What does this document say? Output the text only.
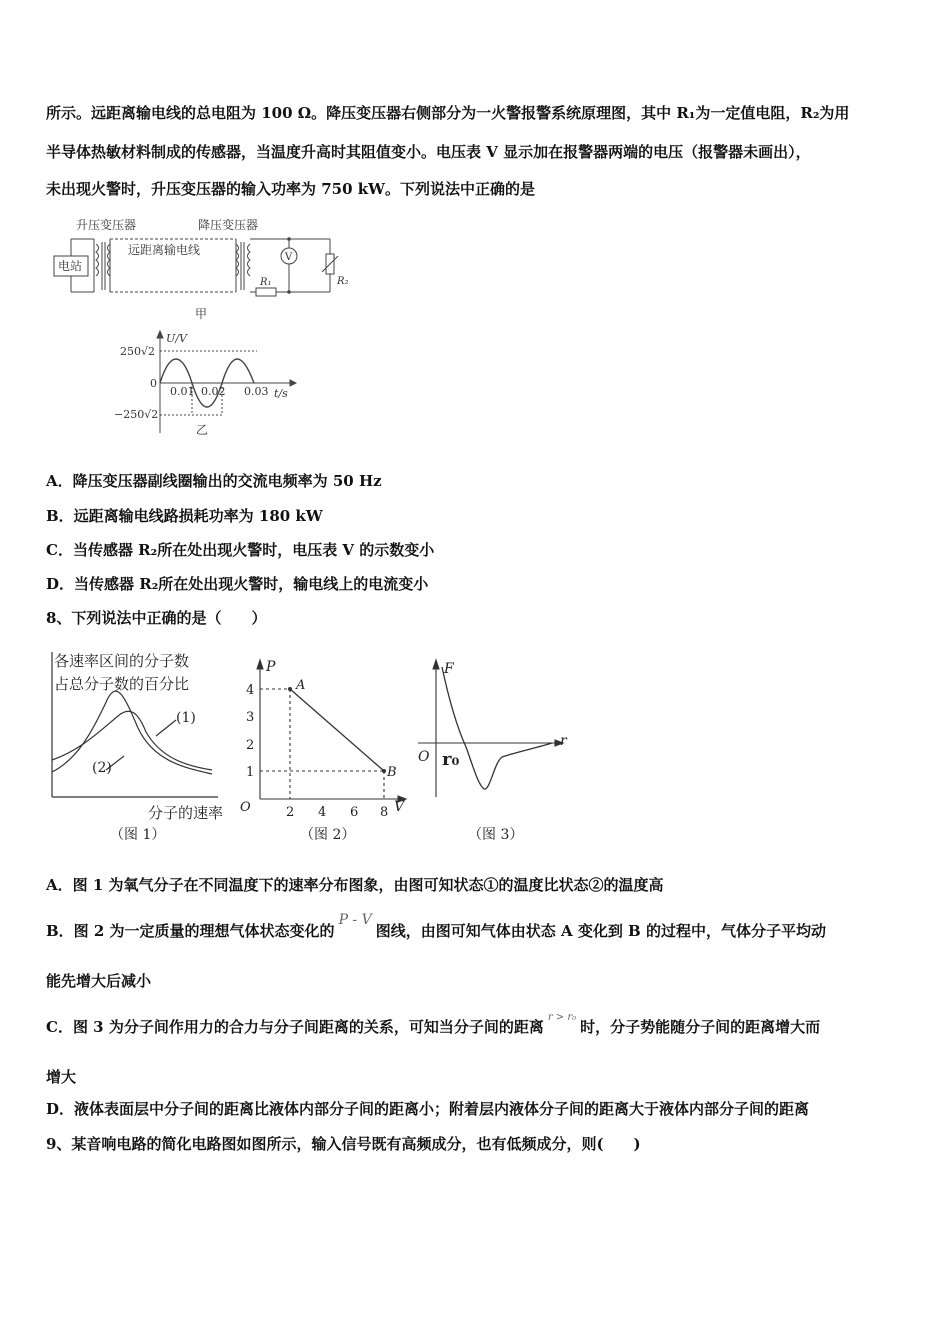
所示。远距离输电线的总电阻为 100 Ω。降压变压器右侧部分为一火警报警系统原理图，其中 R₁为一定值电阻，R₂为用
半导体热敏材料制成的传感器，当温度升高时其阻值变小。电压表 V 显示加在报警器两端的电压（报警器未画出），
未出现火警时，升压变压器的输入功率为 750 kW。下列说法中正确的是
升压变压器	降压变压器
电站
远距离输电线
R₁	R₂
V
甲
U/V
250√2
0
−250√2
0.01 0.02 0.03 t/s
乙
A．降压变压器副线圈输出的交流电频率为 50 Hz
B．远距离输电线路损耗功率为 180 kW
C．当传感器 R₂所在处出现火警时，电压表 V 的示数变小
D．当传感器 R₂所在处出现火警时，输电线上的电流变小
8、下列说法中正确的是（　　）
各速率区间的分子数
占总分子数的百分比
(1)
(2)
分子的速率
（图 1）
P
V
O
A
B
1
2
3
4
2 4 6 8
（图 2）
F
r
O r₀
（图 3）
A．图 1 为氧气分子在不同温度下的速率分布图象，由图可知状态①的温度比状态②的温度高
B．图 2 为一定质量的理想气体状态变化的P - V图线，由图可知气体由状态 A 变化到 B 的过程中，气体分子平均动
能先增大后减小
C．图 3 为分子间作用力的合力与分子间距离的关系，可知当分子间的距离r > r₀时，分子势能随分子间的距离增大而
增大
D．液体表面层中分子间的距离比液体内部分子间的距离小；附着层内液体分子间的距离大于液体内部分子间的距离
9、某音响电路的简化电路图如图所示，输入信号既有高频成分，也有低频成分，则(　　)
